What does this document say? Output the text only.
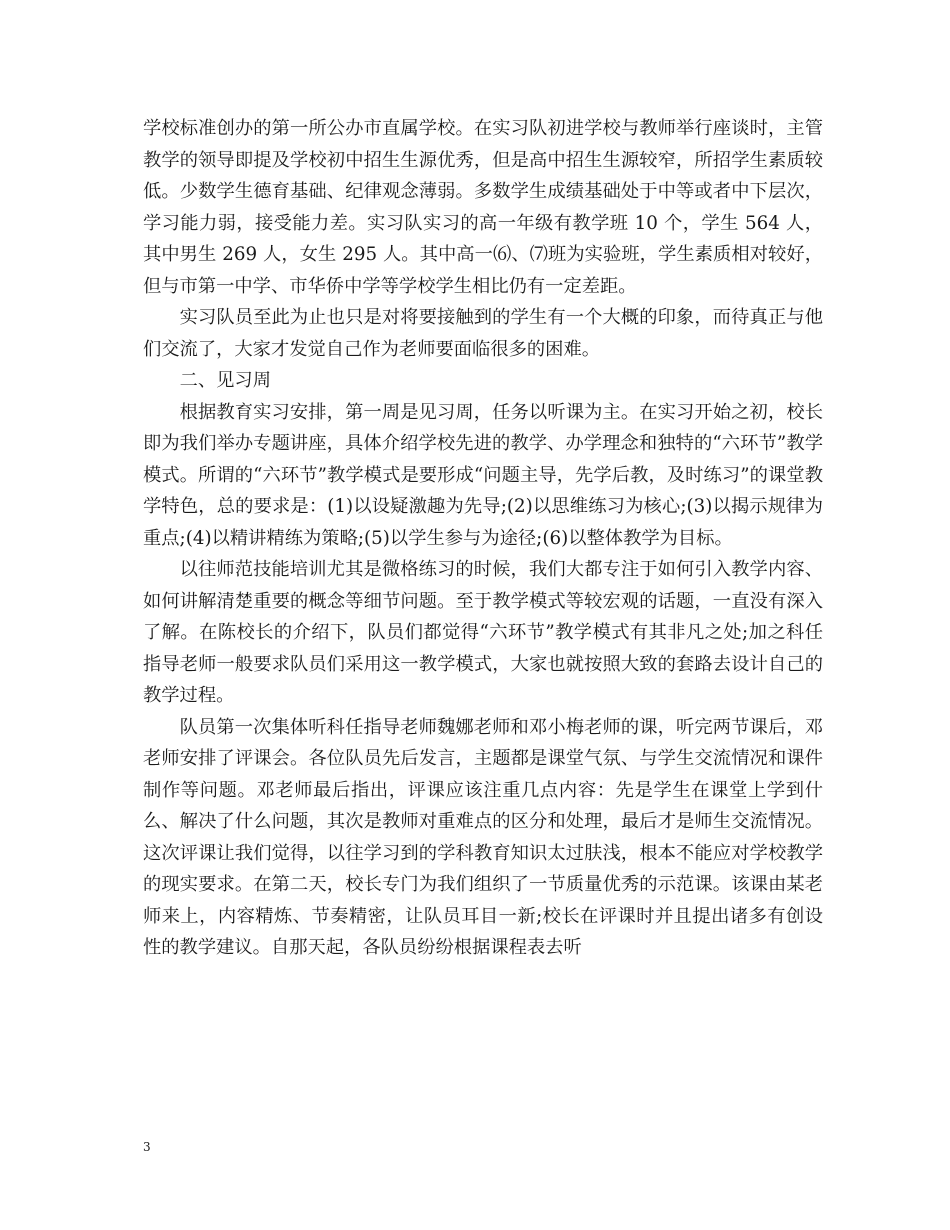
学校标准创办的第一所公办市直属学校。在实习队初进学校与教师举行座谈时，主管教学的领导即提及学校初中招生生源优秀，但是高中招生生源较窄，所招学生素质较低。少数学生德育基础、纪律观念薄弱。多数学生成绩基础处于中等或者中下层次，学习能力弱，接受能力差。实习队实习的高一年级有教学班 10 个，学生 564 人，其中男生 269 人，女生 295 人。其中高一⑹、⑺班为实验班，学生素质相对较好，但与市第一中学、市华侨中学等学校学生相比仍有一定差距。

实习队员至此为止也只是对将要接触到的学生有一个大概的印象，而待真正与他们交流了，大家才发觉自己作为老师要面临很多的困难。

二、见习周

根据教育实习安排，第一周是见习周，任务以听课为主。在实习开始之初，校长即为我们举办专题讲座，具体介绍学校先进的教学、办学理念和独特的“六环节”教学模式。所谓的“六环节”教学模式是要形成“问题主导，先学后教，及时练习”的课堂教学特色，总的要求是：(1)以设疑激趣为先导;(2)以思维练习为核心;(3)以揭示规律为重点;(4)以精讲精练为策略;(5)以学生参与为途径;(6)以整体教学为目标。

以往师范技能培训尤其是微格练习的时候，我们大都专注于如何引入教学内容、如何讲解清楚重要的概念等细节问题。至于教学模式等较宏观的话题，一直没有深入了解。在陈校长的介绍下，队员们都觉得“六环节”教学模式有其非凡之处;加之科任指导老师一般要求队员们采用这一教学模式，大家也就按照大致的套路去设计自己的教学过程。

队员第一次集体听科任指导老师魏娜老师和邓小梅老师的课，听完两节课后，邓老师安排了评课会。各位队员先后发言，主题都是课堂气氛、与学生交流情况和课件制作等问题。邓老师最后指出，评课应该注重几点内容：先是学生在课堂上学到什么、解决了什么问题，其次是教师对重难点的区分和处理，最后才是师生交流情况。这次评课让我们觉得，以往学习到的学科教育知识太过肤浅，根本不能应对学校教学的现实要求。在第二天，校长专门为我们组织了一节质量优秀的示范课。该课由某老师来上，内容精炼、节奏精密，让队员耳目一新;校长在评课时并且提出诸多有创设性的教学建议。自那天起，各队员纷纷根据课程表去听

3
